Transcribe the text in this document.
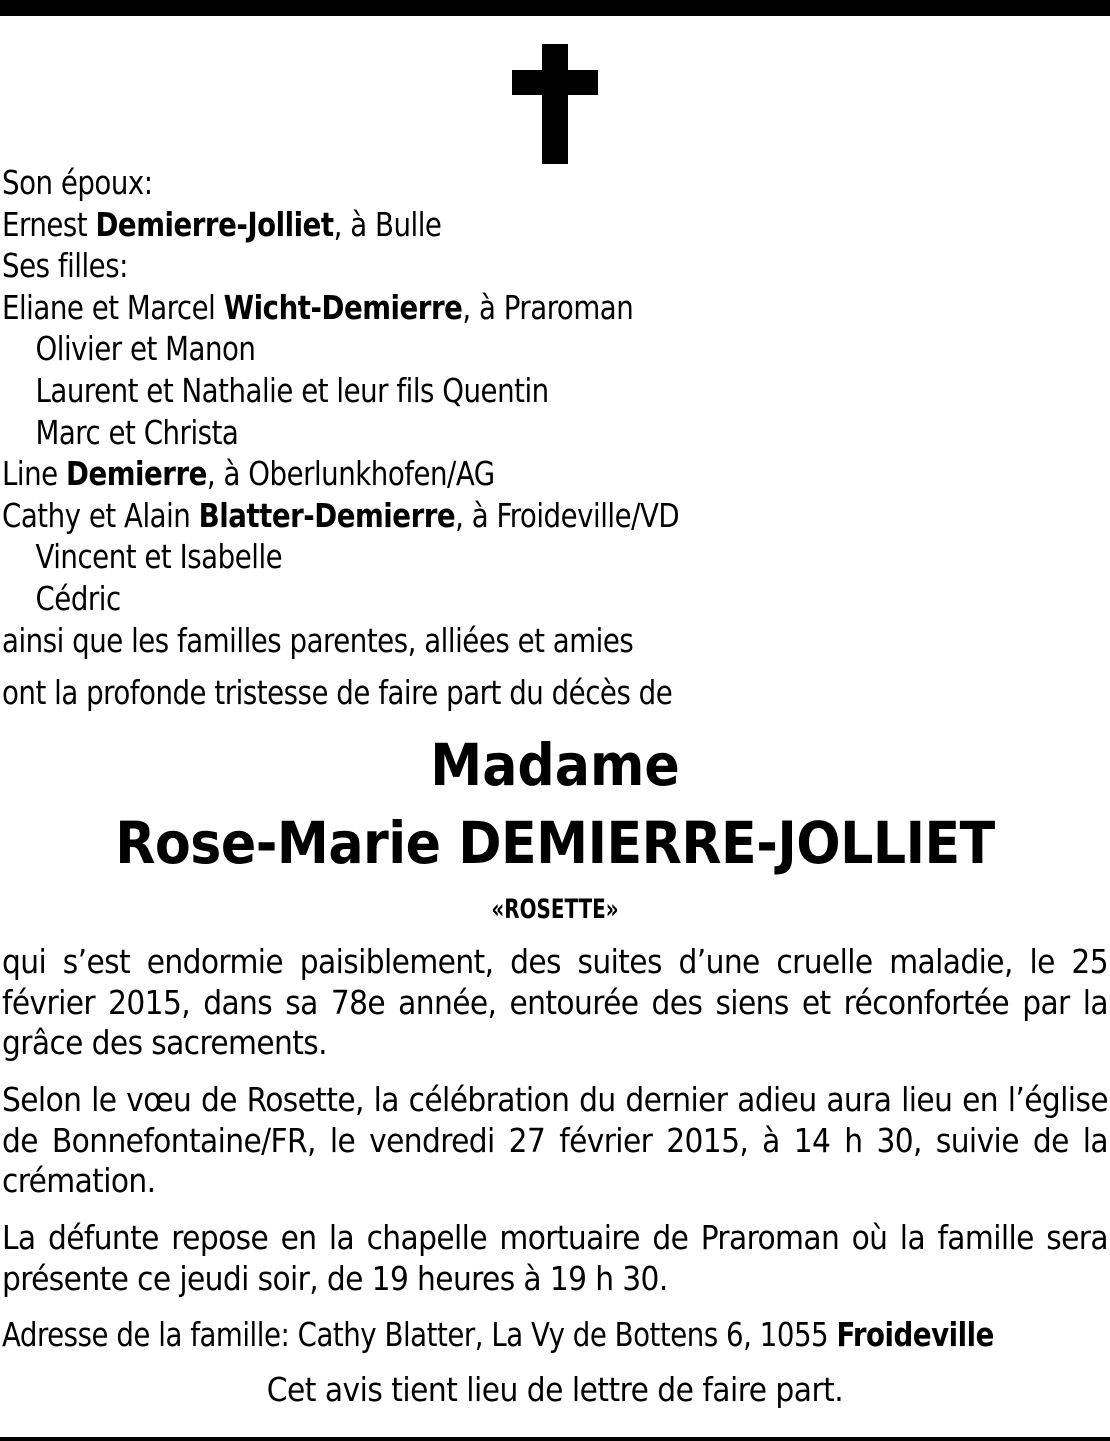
Son époux:
Ernest Demierre-Jolliet, à Bulle
Ses filles:
Eliane et Marcel Wicht-Demierre, à Praroman
Olivier et Manon
Laurent et Nathalie et leur fils Quentin
Marc et Christa
Line Demierre, à Oberlunkhofen/AG
Cathy et Alain Blatter-Demierre, à Froideville/VD
Vincent et Isabelle
Cédric
ainsi que les familles parentes, alliées et amies
ont la profonde tristesse de faire part du décès de
Madame
Rose-Marie DEMIERRE-JOLLIET
«ROSETTE»
qui s’est endormie paisiblement, des suites d’une cruelle maladie, le 25 février 2015, dans sa 78e année, entourée des siens et réconfortée par la grâce des sacrements.
Selon le vœu de Rosette, la célébration du dernier adieu aura lieu en l’église de Bonnefontaine/FR, le vendredi 27 février 2015, à 14 h 30, suivie de la crémation.
La défunte repose en la chapelle mortuaire de Praroman où la famille sera présente ce jeudi soir, de 19 heures à 19 h 30.
Adresse de la famille: Cathy Blatter, La Vy de Bottens 6, 1055 Froideville
Cet avis tient lieu de lettre de faire part.
